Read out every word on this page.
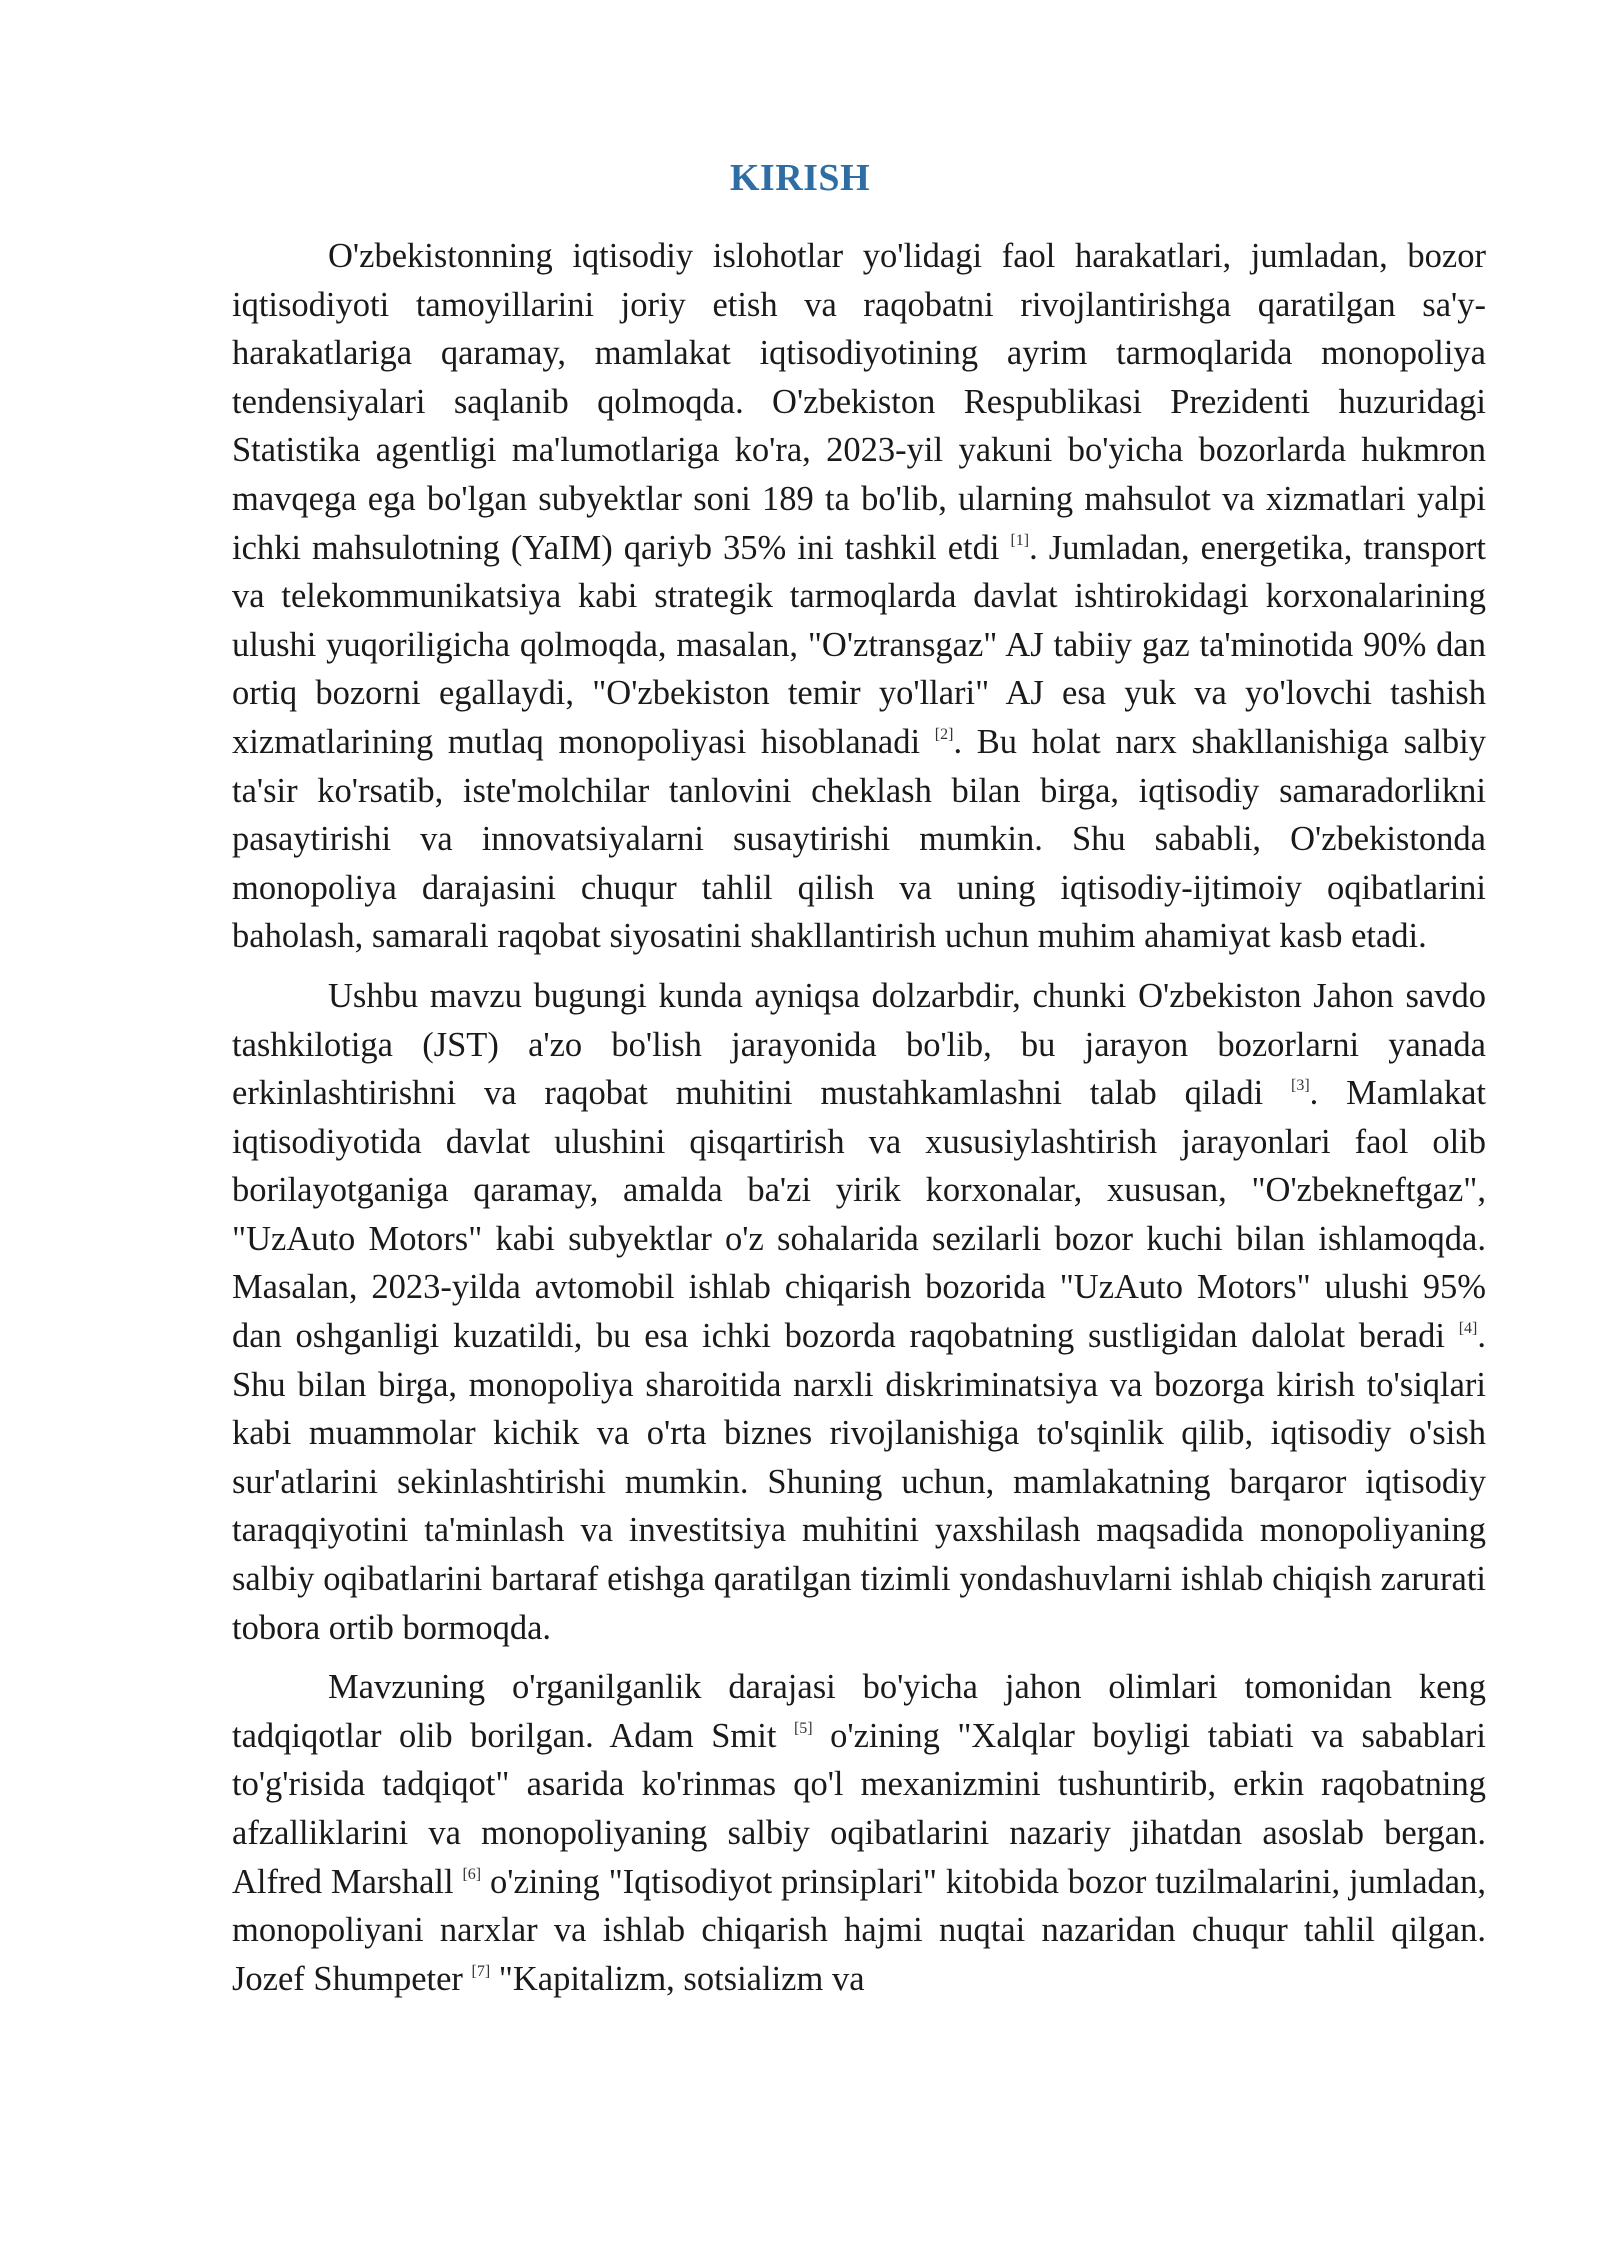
KIRISH

O'zbekistonning iqtisodiy islohotlar yo'lidagi faol harakatlari, jumladan, bozor iqtisodiyoti tamoyillarini joriy etish va raqobatni rivojlantirishga qaratilgan sa'y-harakatlariga qaramay, mamlakat iqtisodiyotining ayrim tarmoqlarida monopoliya tendensiyalari saqlanib qolmoqda. O'zbekiston Respublikasi Prezidenti huzuridagi Statistika agentligi ma'lumotlariga ko'ra, 2023-yil yakuni bo'yicha bozorlarda hukmron mavqega ega bo'lgan subyektlar soni 189 ta bo'lib, ularning mahsulot va xizmatlari yalpi ichki mahsulotning (YaIM) qariyb 35% ini tashkil etdi [1]. Jumladan, energetika, transport va telekommunikatsiya kabi strategik tarmoqlarda davlat ishtirokidagi korxonalarining ulushi yuqoriligicha qolmoqda, masalan, "O'ztransgaz" AJ tabiiy gaz ta'minotida 90% dan ortiq bozorni egallaydi, "O'zbekiston temir yo'llari" AJ esa yuk va yo'lovchi tashish xizmatlarining mutlaq monopoliyasi hisoblanadi [2]. Bu holat narx shakllanishiga salbiy ta'sir ko'rsatib, iste'molchilar tanlovini cheklash bilan birga, iqtisodiy samaradorlikni pasaytirishi va innovatsiyalarni susaytirishi mumkin. Shu sababli, O'zbekistonda monopoliya darajasini chuqur tahlil qilish va uning iqtisodiy-ijtimoiy oqibatlarini baholash, samarali raqobat siyosatini shakllantirish uchun muhim ahamiyat kasb etadi.

Ushbu mavzu bugungi kunda ayniqsa dolzarbdir, chunki O'zbekiston Jahon savdo tashkilotiga (JST) a'zo bo'lish jarayonida bo'lib, bu jarayon bozorlarni yanada erkinlashtirishni va raqobat muhitini mustahkamlashni talab qiladi [3]. Mamlakat iqtisodiyotida davlat ulushini qisqartirish va xususiylashtirish jarayonlari faol olib borilayotganiga qaramay, amalda ba'zi yirik korxonalar, xususan, "O'zbekneftgaz", "UzAuto Motors" kabi subyektlar o'z sohalarida sezilarli bozor kuchi bilan ishlamoqda. Masalan, 2023-yilda avtomobil ishlab chiqarish bozorida "UzAuto Motors" ulushi 95% dan oshganligi kuzatildi, bu esa ichki bozorda raqobatning sustligidan dalolat beradi [4]. Shu bilan birga, monopoliya sharoitida narxli diskriminatsiya va bozorga kirish to'siqlari kabi muammolar kichik va o'rta biznes rivojlanishiga to'sqinlik qilib, iqtisodiy o'sish sur'atlarini sekinlashtirishi mumkin. Shuning uchun, mamlakatning barqaror iqtisodiy taraqqiyotini ta'minlash va investitsiya muhitini yaxshilash maqsadida monopoliyaning salbiy oqibatlarini bartaraf etishga qaratilgan tizimli yondashuvlarni ishlab chiqish zarurati tobora ortib bormoqda.

Mavzuning o'rganilganlik darajasi bo'yicha jahon olimlari tomonidan keng tadqiqotlar olib borilgan. Adam Smit [5] o'zining "Xalqlar boyligi tabiati va sabablari to'g'risida tadqiqot" asarida ko'rinmas qo'l mexanizmini tushuntirib, erkin raqobatning afzalliklarini va monopoliyaning salbiy oqibatlarini nazariy jihatdan asoslab bergan. Alfred Marshall [6] o'zining "Iqtisodiyot prinsiplari" kitobida bozor tuzilmalarini, jumladan, monopoliyani narxlar va ishlab chiqarish hajmi nuqtai nazaridan chuqur tahlil qilgan. Jozef Shumpeter [7] "Kapitalizm, sotsializm va
